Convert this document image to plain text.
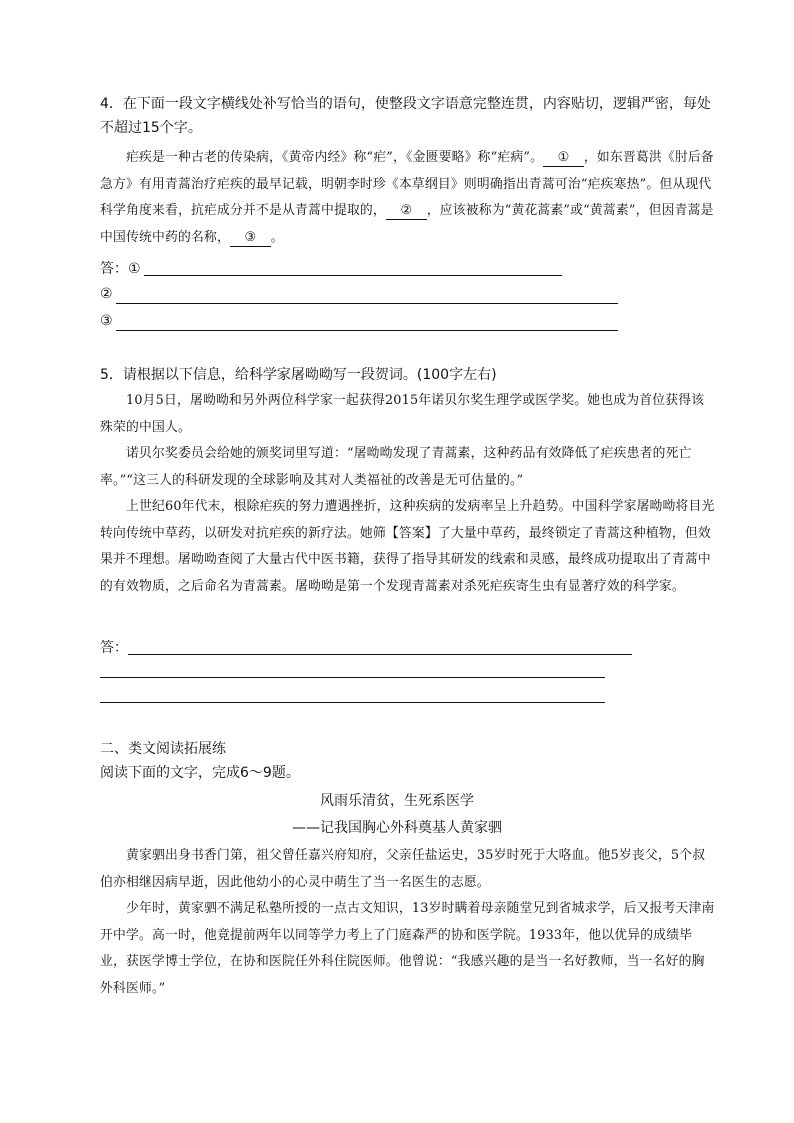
4．在下面一段文字横线处补写恰当的语句，使整段文字语意完整连贯，内容贴切，逻辑严密，每处不超过15个字。

疟疾是一种古老的传染病，《黄帝内经》称“疟”，《金匮要略》称“疟病”。 ① ，如东晋葛洪《肘后备急方》有用青蒿治疗疟疾的最早记载，明朝李时珍《本草纲目》则明确指出青蒿可治“疟疾寒热”。但从现代科学角度来看，抗疟成分并不是从青蒿中提取的， ② ，应该被称为“黄花蒿素”或“黄蒿素”，但因青蒿是中国传统中药的名称， ③ 。

答：①
②
③
5．请根据以下信息，给科学家屠呦呦写一段贺词。(100字左右)

10月5日，屠呦呦和另外两位科学家一起获得2015年诺贝尔奖生理学或医学奖。她也成为首位获得该殊荣的中国人。

诺贝尔奖委员会给她的颁奖词里写道：“屠呦呦发现了青蒿素，这种药品有效降低了疟疾患者的死亡率。”“这三人的科研发现的全球影响及其对人类福祉的改善是无可估量的。”

上世纪60年代末，根除疟疾的努力遭遇挫折，这种疾病的发病率呈上升趋势。中国科学家屠呦呦将目光转向传统中草药，以研发对抗疟疾的新疗法。她筛【答案】了大量中草药，最终锁定了青蒿这种植物，但效果并不理想。屠呦呦查阅了大量古代中医书籍，获得了指导其研发的线索和灵感，最终成功提取出了青蒿中的有效物质，之后命名为青蒿素。屠呦呦是第一个发现青蒿素对杀死疟疾寄生虫有显著疗效的科学家。

答：
二、类文阅读拓展练
阅读下面的文字，完成6～9题。
风雨乐清贫，生死系医学
——记我国胸心外科奠基人黄家驷

黄家驷出身书香门第，祖父曾任嘉兴府知府，父亲任盐运史，35岁时死于大咯血。他5岁丧父，5个叔伯亦相继因病早逝，因此他幼小的心灵中萌生了当一名医生的志愿。

少年时，黄家驷不满足私塾所授的一点古文知识，13岁时瞒着母亲随堂兄到省城求学，后又报考天津南开中学。高一时，他竟提前两年以同等学力考上了门庭森严的协和医学院。1933年，他以优异的成绩毕业，获医学博士学位，在协和医院任外科住院医师。他曾说：“我感兴趣的是当一名好教师，当一名好的胸外科医师。”
